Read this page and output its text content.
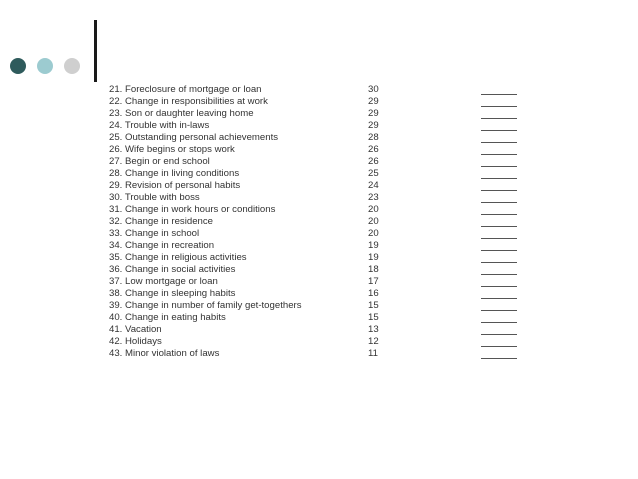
21. Foreclosure of mortgage or loan	30
22. Change in responsibilities at work	29
23. Son or daughter leaving home	29
24. Trouble with in-laws	29
25. Outstanding personal achievements	28
26. Wife begins or stops work	26
27. Begin or end school	26
28. Change in living conditions	25
29. Revision of personal habits	24
30. Trouble with boss	23
31. Change in work hours or conditions	20
32. Change in residence	20
33. Change in school	20
34. Change in recreation	19
35. Change in religious activities	19
36. Change in social activities	18
37. Low mortgage or loan	17
38. Change in sleeping habits	16
39. Change in number of family get-togethers	15
40. Change in eating habits	15
41. Vacation	13
42. Holidays	12
43. Minor violation of laws	11
